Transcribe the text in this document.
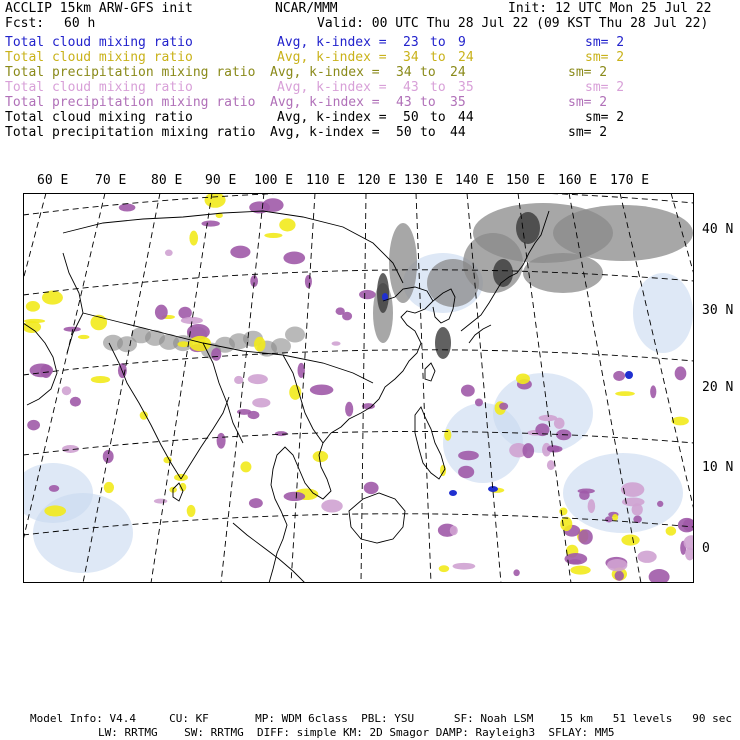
ACCLIP 15km ARW-GFS init	NCAR/MMM	Init: 12 UTC Mon 25 Jul 22
Fcst: 60 h	Valid: 00 UTC Thu 28 Jul 22 (09 KST Thu 28 Jul 22)
Total cloud mixing ratio	Avg, k-index = 23 to 9	sm= 2
Total cloud mixing ratio	Avg, k-index = 34 to 24	sm= 2
Total precipitation mixing ratio Avg, k-index = 34 to 24	sm= 2
Total cloud mixing ratio	Avg, k-index = 43 to 35	sm= 2
Total precipitation mixing ratio Avg, k-index = 43 to 35	sm= 2
Total cloud mixing ratio	Avg, k-index = 50 to 44	sm= 2
Total precipitation mixing ratio Avg, k-index = 50 to 44	sm= 2
60 E 70 E 80 E 90 E 100 E 110 E 120 E 130 E 140 E 150 E 160 E 170 E
40 N
30 N
20 N
10 N
0
Model Info: V4.4     CU: KF       MP: WDM 6class  PBL: YSU      SF: Noah LSM    15 km   51 levels   90 sec
LW: RRTMG    SW: RRTMG  DIFF: simple KM: 2D Smagor DAMP: Rayleigh3  SFLAY: MM5
